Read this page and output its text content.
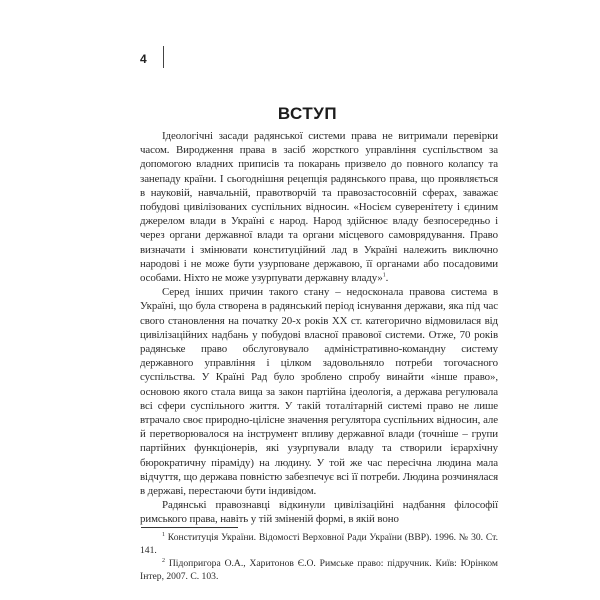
4
ВСТУП

Ідеологічні засади радянської системи права не витримали перевірки часом. Виродження права в засіб жорсткого управління суспільством за допомогою владних приписів та покарань призвело до повного колапсу та занепаду країни. І сьогоднішня рецепція радянського права, що проявляється в науковій, навчальній, правотворчій та правозастосовній сферах, заважає побудові цивілізованих суспільних відносин. «Носієм суверенітету і єдиним джерелом влади в Україні є народ. Народ здійснює владу безпосередньо і через органи державної влади та органи місцевого самоврядування. Право визначати і змінювати конституційний лад в Україні належить виключно народові і не може бути узурповане державою, її органами або посадовими особами. Ніхто не може узурпувати державну владу»$^1$.

Серед інших причин такого стану – недосконала правова система в Україні, що була створена в радянський період існування держави, яка під час свого становлення на початку 20-х років XX ст. категорично відмовилася від цивілізаційних надбань у побудові власної правової системи. Отже, 70 років радянське право обслуговувало адміністративно-командну систему державного управління і цілком задовольняло потреби тогочасного суспільства. У Країні Рад було зроблено спробу винайти «інше право», основою якого стала вища за закон партійна ідеологія, а держава регулювала всі сфери суспільного життя. У такій тоталітарній системі право не лише втрачало своє природно-цілісне значення регулятора суспільних відносин, але й перетворювалося на інструмент впливу державної влади (точніше – групи партійних функціонерів, які узурпували владу та створили ієрархічну бюрократичну піраміду) на людину. У той же час пересічна людина мала відчуття, що держава повністю забезпечує всі її потреби. Людина розчинялася в державі, перестаючи бути індивідом.

Радянські правознавці відкинули цивілізаційні надбання філософії римського права, навіть у тій зміненій формі, в якій воно

$^1$ Конституція України. Відомості Верховної Ради України (ВВР). 1996. № 30. Ст. 141.

$^2$ Підопригора О.А., Харитонов Є.О. Римське право: підручник. Київ: Юрінком Інтер, 2007. С. 103.
